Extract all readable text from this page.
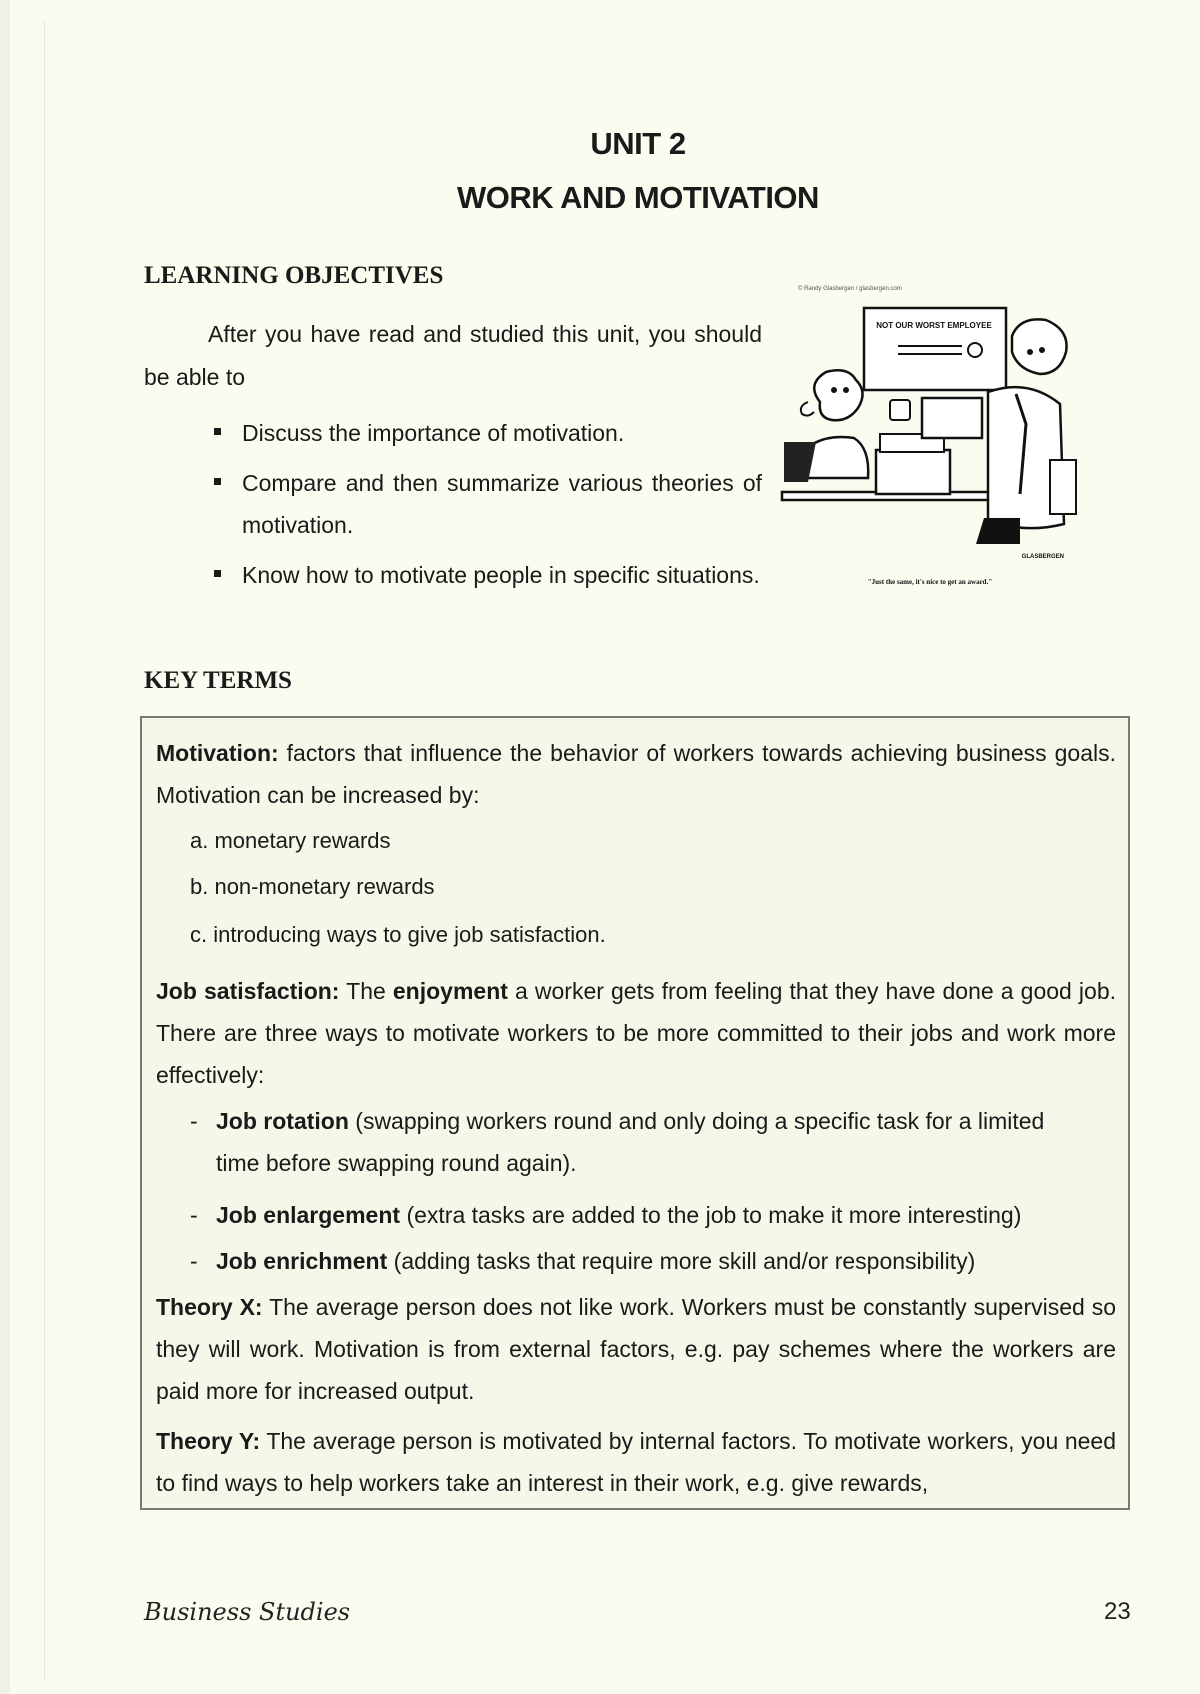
UNIT 2
WORK AND MOTIVATION
LEARNING OBJECTIVES
After you have read and studied this unit, you should be able to
Discuss the importance of motivation.
Compare and then summarize various theories of motivation.
Know how to motivate people in specific situations.
© Randy Glasbergen / glasbergen.com
NOT OUR WORST EMPLOYEE
GLASBERGEN
"Just the same, it's nice to get an award."
KEY TERMS
Motivation: factors that influence the behavior of workers towards achieving business goals. Motivation can be increased by:
a. monetary rewards
b. non-monetary rewards
c. introducing ways to give job satisfaction.
Job satisfaction: The enjoyment a worker gets from feeling that they have done a good job. There are three ways to motivate workers to be more committed to their jobs and work more effectively:
- Job rotation (swapping workers round and only doing a specific task for a limited
time before swapping round again).
- Job enlargement (extra tasks are added to the job to make it more interesting)
- Job enrichment (adding tasks that require more skill and/or responsibility)
Theory X: The average person does not like work. Workers must be constantly supervised so they will work. Motivation is from external factors, e.g. pay schemes where the workers are paid more for increased output.
Theory Y: The average person is motivated by internal factors. To motivate workers, you need to find ways to help workers take an interest in their work, e.g. give rewards,
Business Studies	23
